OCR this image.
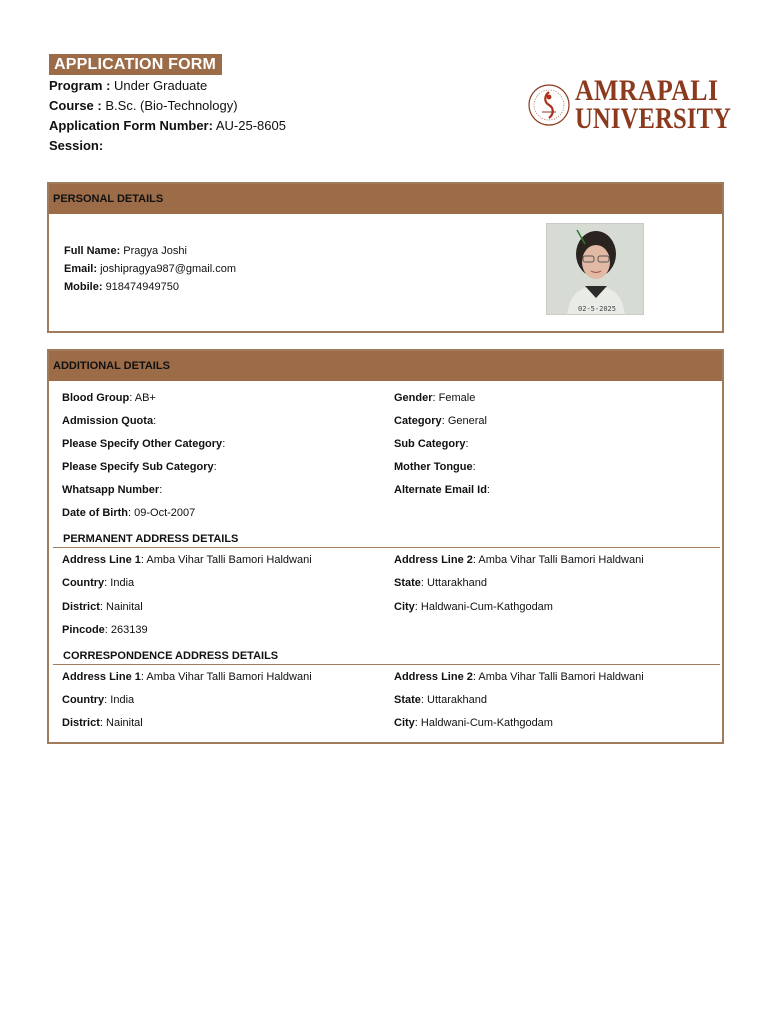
APPLICATION FORM
Program : Under Graduate
Course : B.Sc. (Bio-Technology)
Application Form Number: AU-25-8605
Session:
AMRAPALI
UNIVERSITY
PERSONAL DETAILS
Full Name: Pragya Joshi
Email: joshipragya987@gmail.com
Mobile: 918474949750
02-5-2025
ADDITIONAL DETAILS
Blood Group: AB+
Admission Quota:
Please Specify Other Category:
Please Specify Sub Category:
Whatsapp Number:
Date of Birth: 09-Oct-2007
Gender: Female
Category: General
Sub Category:
Mother Tongue:
Alternate Email Id:
PERMANENT ADDRESS DETAILS
Address Line 1: Amba Vihar Talli Bamori Haldwani
Country: India
District: Nainital
Pincode: 263139
Address Line 2: Amba Vihar Talli Bamori Haldwani
State: Uttarakhand
City: Haldwani-Cum-Kathgodam
CORRESPONDENCE ADDRESS DETAILS
Address Line 1: Amba Vihar Talli Bamori Haldwani
Country: India
District: Nainital
Address Line 2: Amba Vihar Talli Bamori Haldwani
State: Uttarakhand
City: Haldwani-Cum-Kathgodam
